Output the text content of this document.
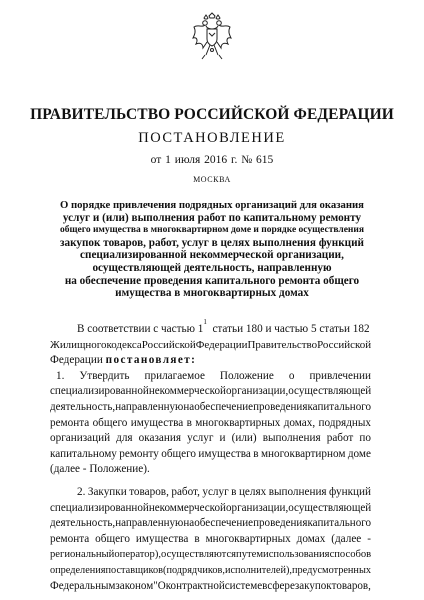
ПРАВИТЕЛЬСТВО РОССИЙСКОЙ ФЕДЕРАЦИИ
ПОСТАНОВЛЕНИЕ
от 1 июля 2016 г. № 615
МОСКВА
О порядке привлечения подрядных организаций для оказания
услуг и (или) выполнения работ по капитальному ремонту
общего имущества в многоквартирном доме и порядке осуществления
закупок товаров, работ, услуг в целях выполнения функций
специализированной некоммерческой организации,
осуществляющей деятельность, направленную
на обеспечение проведения капитального ремонта общего
имущества в многоквартирных домах
В соответствии с частью 1
1

статьи 180 и частью 5 статьи 182
Жилищного кодекса Российской Федерации Правительство Российской
Федерации
постановляет:
1. Утвердить прилагаемое Положение о привлечении
специализированной некоммерческой организации, осуществляющей
деятельность, направленную на обеспечение проведения капитального
ремонта общего имущества в многоквартирных домах, подрядных
организаций для оказания услуг и (или) выполнения работ по
капитальному ремонту общего имущества в многоквартирном доме
(далее - Положение).
2. Закупки товаров, работ, услуг в целях выполнения функций
специализированной некоммерческой организации, осуществляющей
деятельность, направленную на обеспечение проведения капитального
ремонта общего имущества в многоквартирных домах (далее -
региональный оператор), осуществляются путем использования способов
определения поставщиков (подрядчиков, исполнителей), предусмотренных
Федеральным законом "О контрактной системе в сфере закупок товаров,
